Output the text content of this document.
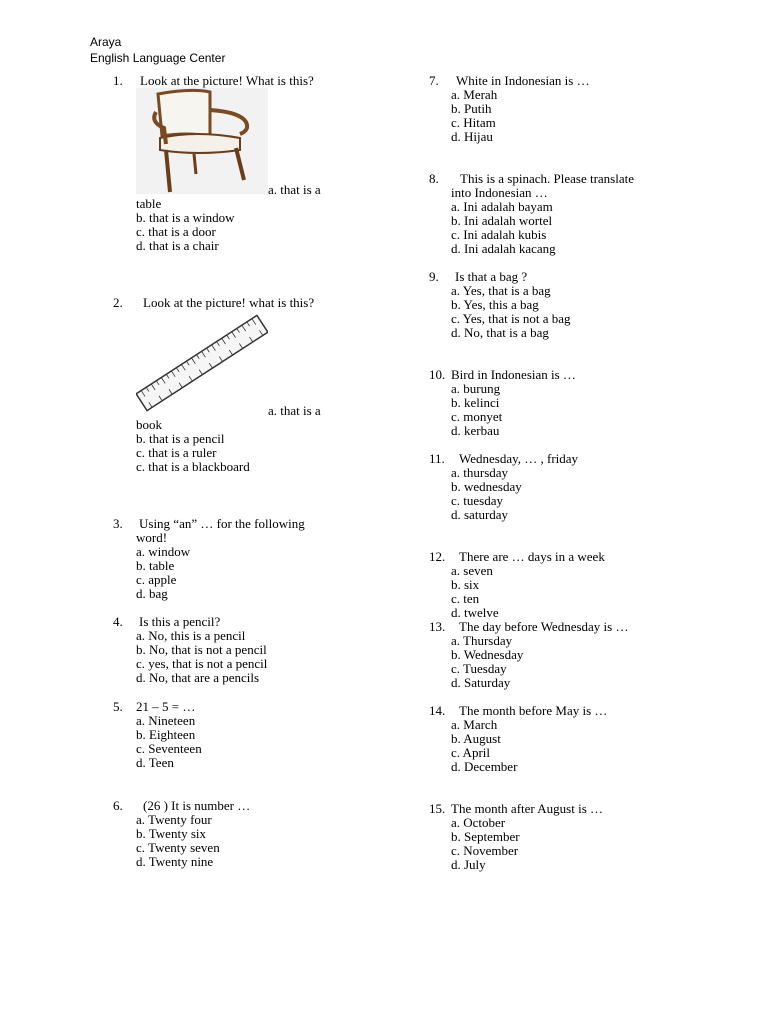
Araya
English Language Center
1. Look at the picture! What is this?
a. that is a
table
b. that is a window
c. that is a door
d. that is a chair
2. Look at the picture! what is this?
a. that is a
book
b. that is a pencil
c. that is a ruler
c. that is a blackboard
3. Using “an” … for the following
word!
a. window
b. table
c. apple
d. bag
4. Is this a pencil?
a. No, this is a pencil
b. No, that is not a pencil
c. yes, that is not a pencil
d. No, that are a pencils
5. 21 – 5 = …
a. Nineteen
b. Eighteen
c. Seventeen
d. Teen
6. (26 ) It is number …
a. Twenty four
b. Twenty six
c. Twenty seven
d. Twenty nine
7. White in Indonesian is …
a. Merah
b. Putih
c. Hitam
d. Hijau
8. This is a spinach. Please translate
into Indonesian …
a. Ini adalah bayam
b. Ini adalah wortel
c. Ini adalah kubis
d. Ini adalah kacang
9. Is that a bag ?
a. Yes, that is a bag
b. Yes, this a bag
c. Yes, that is not a bag
d. No, that is a bag
10. Bird in Indonesian is …
a. burung
b. kelinci
c. monyet
d. kerbau
11. Wednesday, … , friday
a. thursday
b. wednesday
c. tuesday
d. saturday
12. There are … days in a week
a. seven
b. six
c. ten
d. twelve
13. The day before Wednesday is …
a. Thursday
b. Wednesday
c. Tuesday
d. Saturday
14. The month before May is …
a. March
b. August
c. April
d. December
15. The month after August is …
a. October
b. September
c. November
d. July
